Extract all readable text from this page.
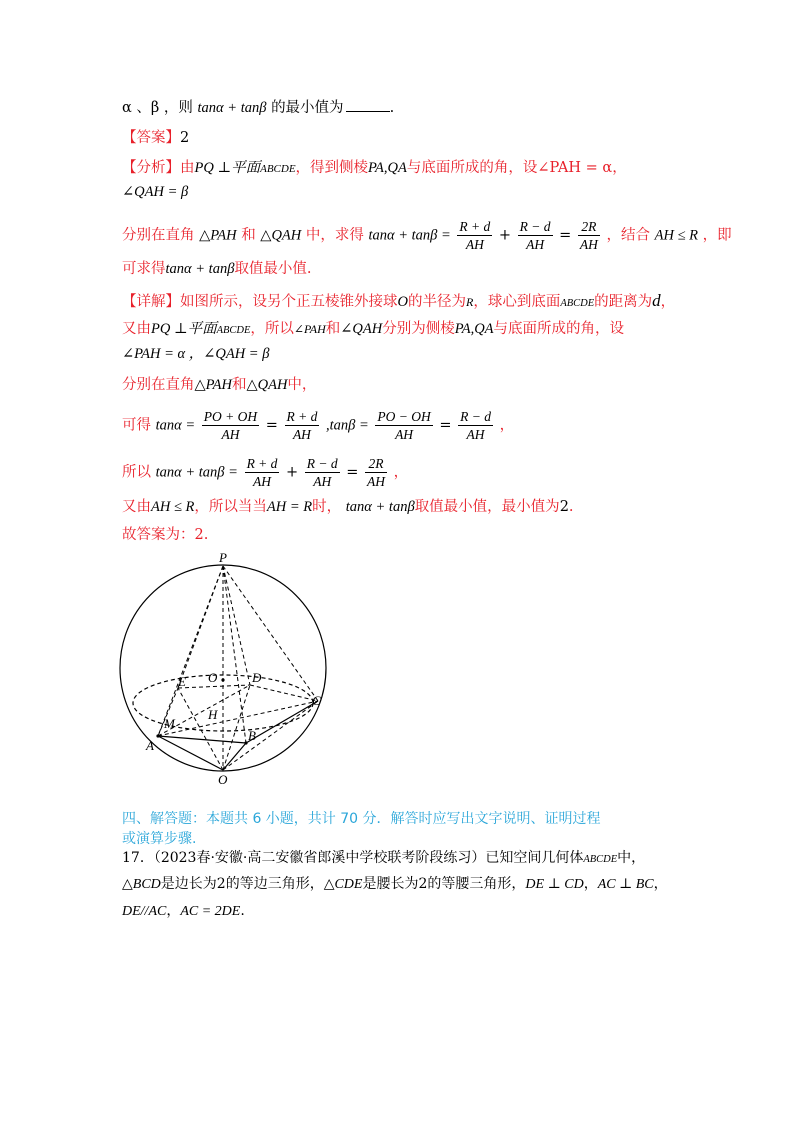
α 、β ，则 tanα + tanβ 的最小值为	.
【答案】2
【分析】由PQ ⊥平面ABCDE，得到侧棱PA,QA与底面所成的角，设∠PAH = α，
∠QAH = β
分别在直角 △PAH 和 △QAH 中，求得 $\tan\alpha + \tan\beta = \frac{R + d}{AH} + \frac{R - d}{AH} = \frac{2R}{AH}$ ，结合 AH ≤ R ，即
可求得tanα + tanβ取值最小值.
【详解】如图所示，设另个正五棱锥外接球O的半径为R，球心到底面ABCDE的距离为d，
又由PQ ⊥平面ABCDE，所以∠PAH和∠QAH分别为侧棱PA,QA与底面所成的角，设
∠PAH = α ，∠QAH = β
分别在直角△PAH和△QAH中，
可得 $\tan\alpha = \frac{PO + OH}{AH} = \frac{R + d}{AH} ,\tan\beta = \frac{PO - OH}{AH} = \frac{R - d}{AH}$ ，
所以 $\tan\alpha + \tan\beta = \frac{R + d}{AH} + \frac{R - d}{AH} = \frac{2R}{AH}$ ，
又由AH ≤ R，所以当当AH = R时， tanα + tanβ取值最小值，最小值为2.
故答案为：2.
P
Q
O	D
E
C
H
M
A
B
四、解答题：本题共 6 小题，共计 70 分．解答时应写出文字说明、证明过程
或演算步骤.
17．（2023春·安徽·高二安徽省郎溪中学校联考阶段练习）已知空间几何体ABCDE中，
△BCD是边长为2的等边三角形，△CDE是腰长为2的等腰三角形，DE ⊥ CD，AC ⊥ BC，
DE//AC，AC = 2DE.
